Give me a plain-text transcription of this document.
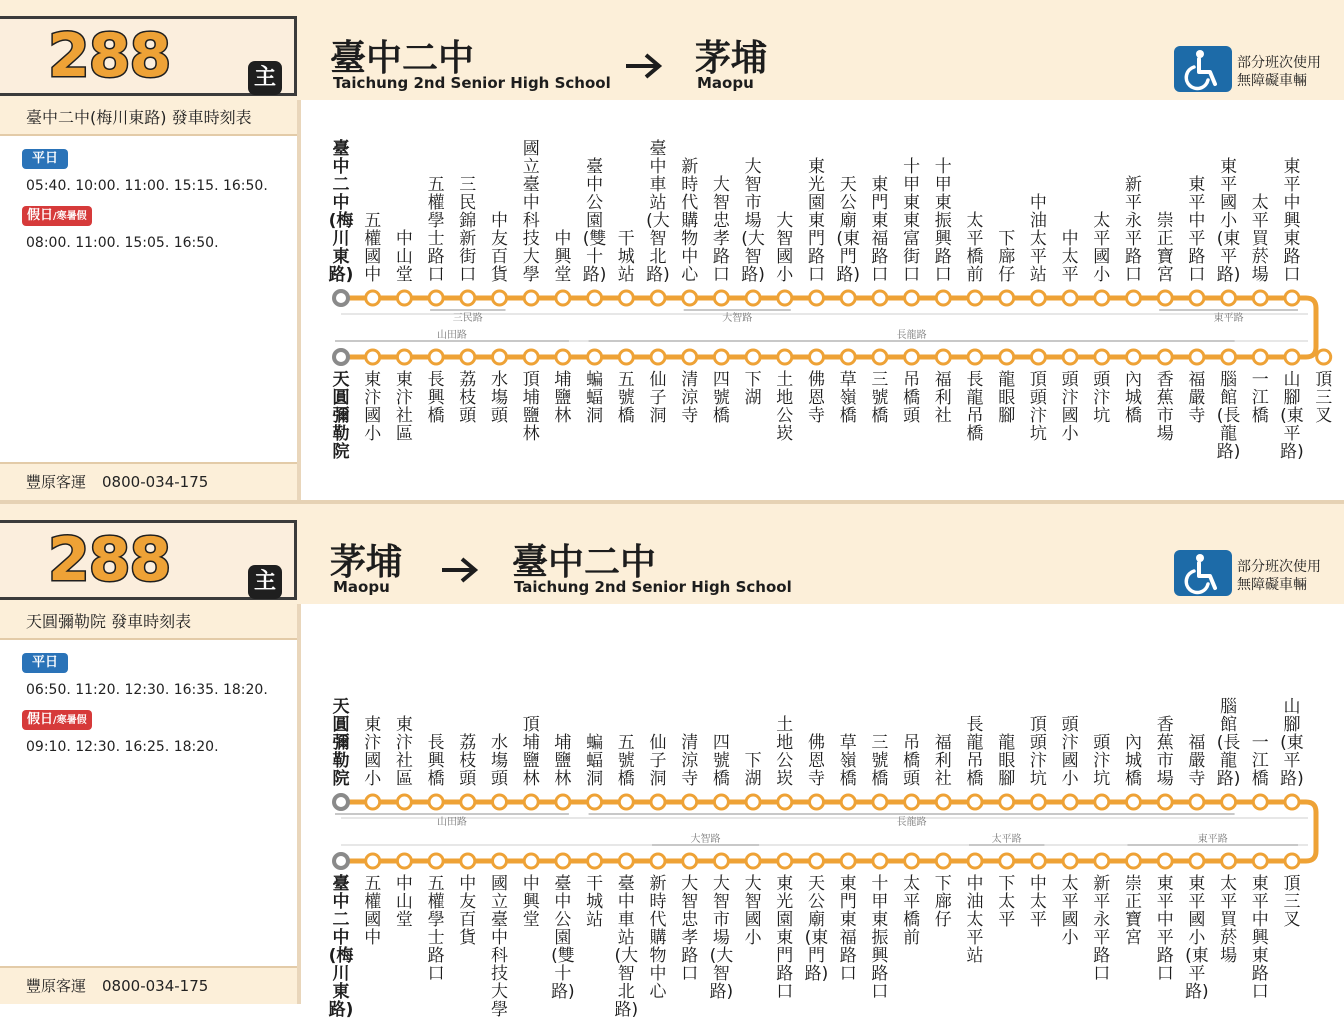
288	主 臺中二中
Taichung 2nd Senior High School
茅埔
Maopu
部分班次使用
無障礙車輛
臺中二中(梅川東路) 發車時刻表
平日
05:40. 10:00. 11:00. 15:15. 16:50.
假日/寒暑假
08:00. 11:00. 15:05. 16:50.
豐原客運 0800-034-175
三民路	大智路	東平路
山田路	長龍路
臺中二中(梅川東路)
五權國中
中山堂
五權學士路口
三民錦新街口
中友百貨
國立臺中科技大學
中興堂
臺中公園(雙十路)
干城站
臺中車站(大智北路)
新時代購物中心
大智忠孝路口
大智市場(大智路)
大智國小
東光園東門路口
天公廟(東門路)
東門東福路口
十甲東東富街口
十甲東振興路口
太平橋前
下廍仔
中油太平站
中太平
太平國小
新平永平路口
崇正寶宮
東平中平路口
東平國小(東平路)
太平買菸場
東平中興東路口
天圓彌勒院
東汴國小
東汴社區
長興橋
荔枝頭
水塲頭
頂埔鹽林
埔鹽林
蝙蝠洞
五號橋
仙子洞
清涼寺
四號橋
下湖
土地公崁
佛恩寺
草嶺橋
三號橋
吊橋頭
福利社
長龍吊橋
龍眼腳
頂頭汴坑
頭汴國小
頭汴坑
內城橋
香蕉市場
福嚴寺
腦館(長龍路)
一江橋
山腳(東平路)
頂三叉
288	主 茅埔
Maopu
臺中二中
Taichung 2nd Senior High School
部分班次使用
無障礙車輛
天圓彌勒院 發車時刻表
平日
06:50. 11:20. 12:30. 16:35. 18:20.
假日/寒暑假
09:10. 12:30. 16:25. 18:20.
豐原客運 0800-034-175
山田路	長龍路
大智路	太平路	東平路
天圓彌勒院
東汴國小
東汴社區
長興橋
荔枝頭
水塲頭
頂埔鹽林
埔鹽林
蝙蝠洞
五號橋
仙子洞
清涼寺
四號橋
下湖
土地公崁
佛恩寺
草嶺橋
三號橋
吊橋頭
福利社
長龍吊橋
龍眼腳
頂頭汴坑
頭汴國小
頭汴坑
內城橋
香蕉市場
福嚴寺
腦館(長龍路)
一江橋
山腳(東平路)
臺中二中(梅川東路)
五權國中
中山堂
五權學士路口
中友百貨
國立臺中科技大學
中興堂
臺中公園(雙十路)
干城站
臺中車站(大智北路)
新時代購物中心
大智忠孝路口
大智市場(大智路)
大智國小
東光園東門路口
天公廟(東門路)
東門東福路口
十甲東振興路口
太平橋前
下廍仔
中油太平站
下太平
中太平
太平國小
新平永平路口
崇正寶宮
東平中平路口
東平國小(東平路)
太平買菸場
東平中興東路口
頂三叉
